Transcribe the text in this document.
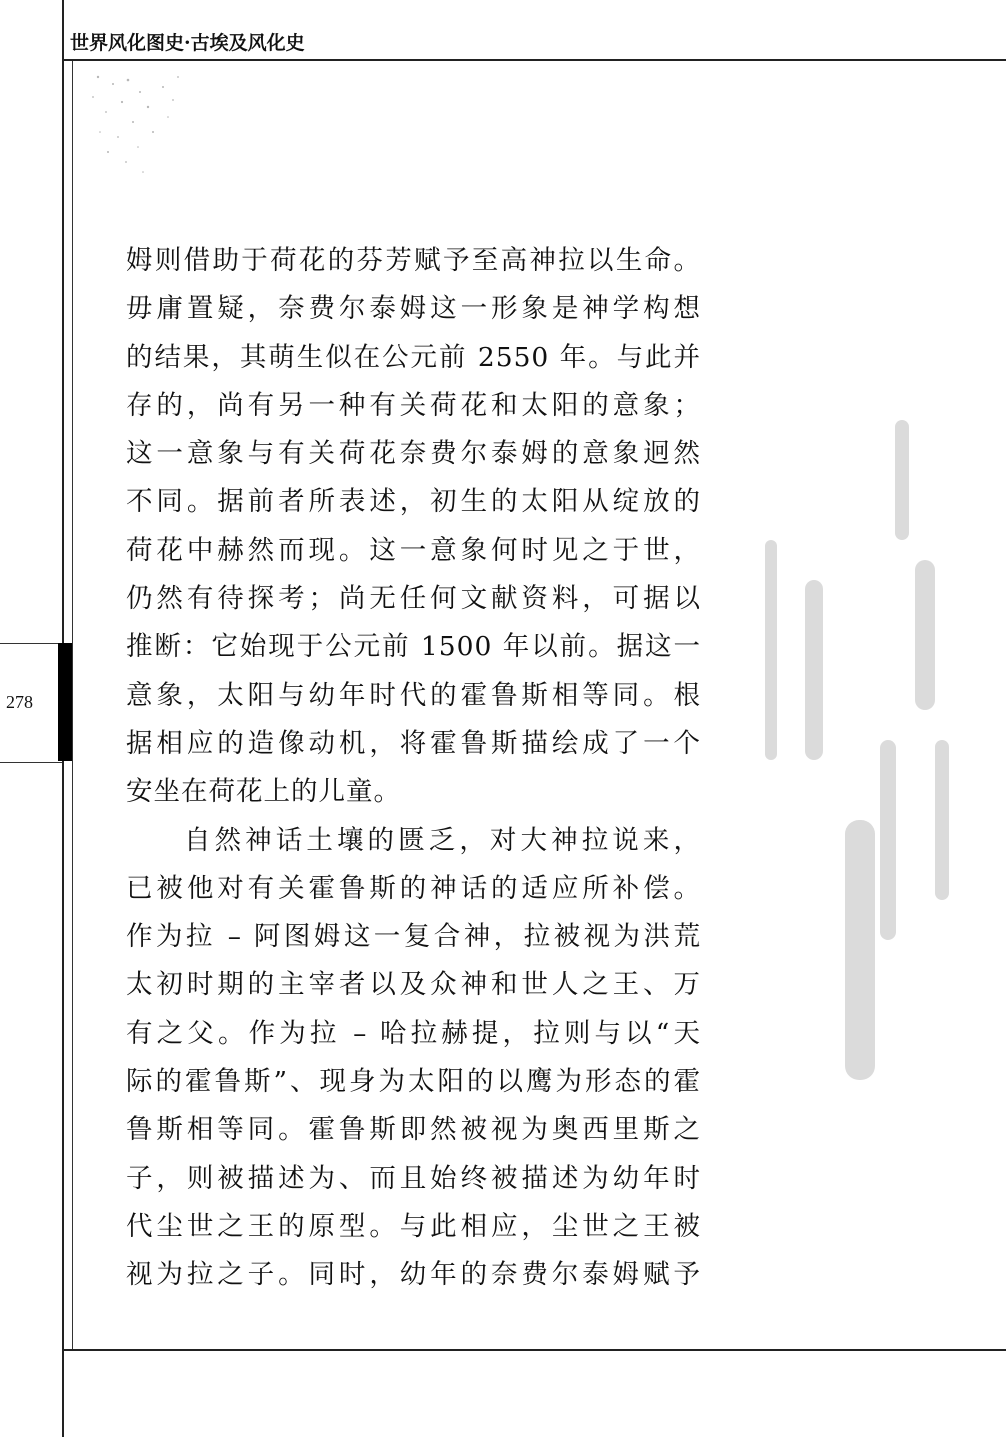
世界风化图史·古埃及风化史
278
姆则借助于荷花的芬芳赋予至高神拉以生命。
毋庸置疑，奈费尔泰姆这一形象是神学构想
的结果，其萌生似在公元前 2550 年。与此并
存的，尚有另一种有关荷花和太阳的意象；
这一意象与有关荷花奈费尔泰姆的意象迥然
不同。据前者所表述，初生的太阳从绽放的
荷花中赫然而现。这一意象何时见之于世，
仍然有待探考；尚无任何文献资料，可据以
推断：它始现于公元前 1500 年以前。据这一
意象，太阳与幼年时代的霍鲁斯相等同。根
据相应的造像动机，将霍鲁斯描绘成了一个
安坐在荷花上的儿童。
自然神话土壤的匮乏，对大神拉说来，
已被他对有关霍鲁斯的神话的适应所补偿。
作为拉 – 阿图姆这一复合神，拉被视为洪荒
太初时期的主宰者以及众神和世人之王、万
有之父。作为拉 – 哈拉赫提，拉则与以“天
际的霍鲁斯”、现身为太阳的以鹰为形态的霍
鲁斯相等同。霍鲁斯即然被视为奥西里斯之
子，则被描述为、而且始终被描述为幼年时
代尘世之王的原型。与此相应，尘世之王被
视为拉之子。同时，幼年的奈费尔泰姆赋予
